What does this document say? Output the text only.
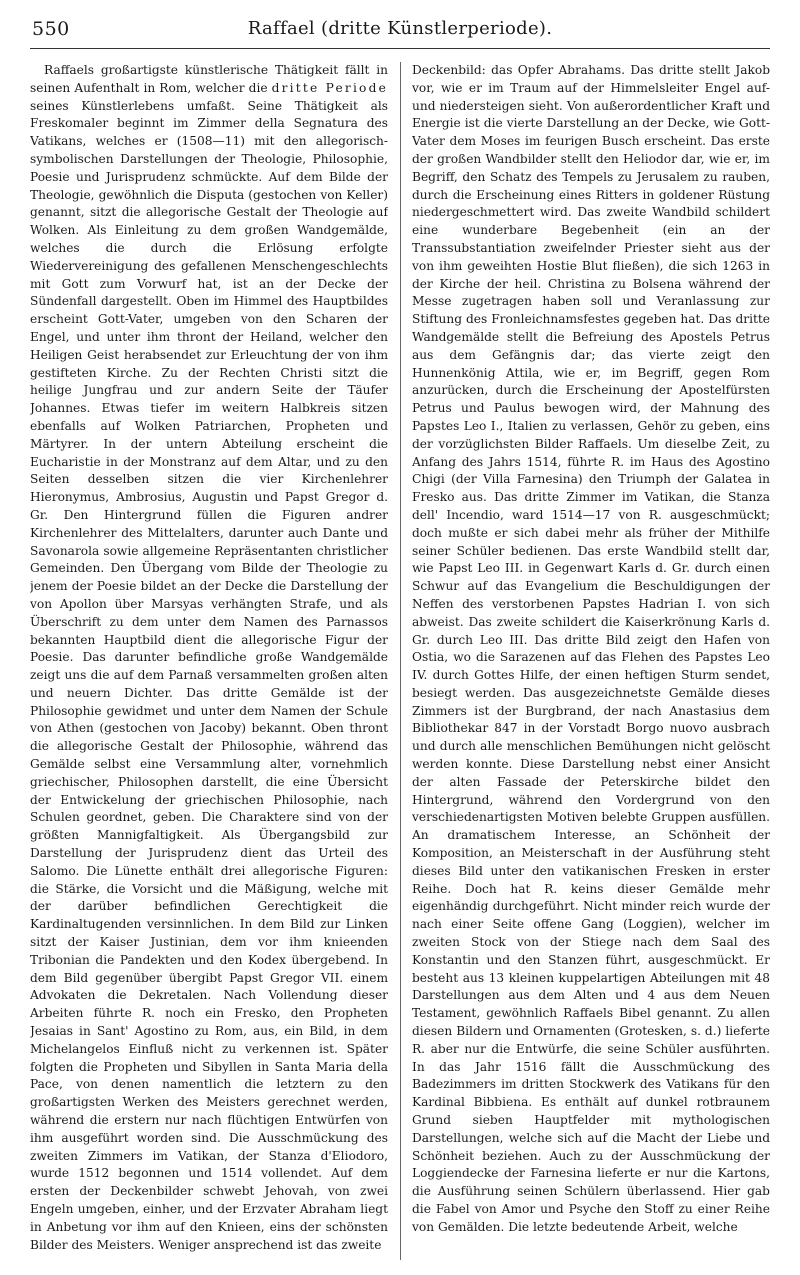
550	Raffael (dritte Künstlerperiode).

Raffaels großartigste künstlerische Thätigkeit fällt in seinen Aufenthalt in Rom, welcher die dritte Periode seines Künstlerlebens umfaßt. Seine Thätigkeit als Freskomaler beginnt im Zimmer della Segnatura des Vatikans, welches er (1508—11) mit den allegorisch-symbolischen Darstellungen der Theologie, Philosophie, Poesie und Jurisprudenz schmückte. Auf dem Bilde der Theologie, gewöhnlich die Disputa (gestochen von Keller) genannt, sitzt die allegorische Gestalt der Theologie auf Wolken. Als Einleitung zu dem großen Wandgemälde, welches die durch die Erlösung erfolgte Wiedervereinigung des gefallenen Menschengeschlechts mit Gott zum Vorwurf hat, ist an der Decke der Sündenfall dargestellt. Oben im Himmel des Hauptbildes erscheint Gott-Vater, umgeben von den Scharen der Engel, und unter ihm thront der Heiland, welcher den Heiligen Geist herabsendet zur Erleuchtung der von ihm gestifteten Kirche. Zu der Rechten Christi sitzt die heilige Jungfrau und zur andern Seite der Täufer Johannes. Etwas tiefer im weitern Halbkreis sitzen ebenfalls auf Wolken Patriarchen, Propheten und Märtyrer. In der untern Abteilung erscheint die Eucharistie in der Monstranz auf dem Altar, und zu den Seiten desselben sitzen die vier Kirchenlehrer Hieronymus, Ambrosius, Augustin und Papst Gregor d. Gr. Den Hintergrund füllen die Figuren andrer Kirchenlehrer des Mittelalters, darunter auch Dante und Savonarola sowie allgemeine Repräsentanten christlicher Gemeinden. Den Übergang vom Bilde der Theologie zu jenem der Poesie bildet an der Decke die Darstellung der von Apollon über Marsyas verhängten Strafe, und als Überschrift zu dem unter dem Namen des Parnassos bekannten Hauptbild dient die allegorische Figur der Poesie. Das darunter befindliche große Wandgemälde zeigt uns die auf dem Parnaß versammelten großen alten und neuern Dichter. Das dritte Gemälde ist der Philosophie gewidmet und unter dem Namen der Schule von Athen (gestochen von Jacoby) bekannt. Oben thront die allegorische Gestalt der Philosophie, während das Gemälde selbst eine Versammlung alter, vornehmlich griechischer, Philosophen darstellt, die eine Übersicht der Entwickelung der griechischen Philosophie, nach Schulen geordnet, geben. Die Charaktere sind von der größten Mannigfaltigkeit. Als Übergangsbild zur Darstellung der Jurisprudenz dient das Urteil des Salomo. Die Lünette enthält drei allegorische Figuren: die Stärke, die Vorsicht und die Mäßigung, welche mit der darüber befindlichen Gerechtigkeit die Kardinaltugenden versinnlichen. In dem Bild zur Linken sitzt der Kaiser Justinian, dem vor ihm knieenden Tribonian die Pandekten und den Kodex übergebend. In dem Bild gegenüber übergibt Papst Gregor VII. einem Advokaten die Dekretalen. Nach Vollendung dieser Arbeiten führte R. noch ein Fresko, den Propheten Jesaias in Sant' Agostino zu Rom, aus, ein Bild, in dem Michelangelos Einfluß nicht zu verkennen ist. Später folgten die Propheten und Sibyllen in Santa Maria della Pace, von denen namentlich die letztern zu den großartigsten Werken des Meisters gerechnet werden, während die erstern nur nach flüchtigen Entwürfen von ihm ausgeführt worden sind. Die Ausschmückung des zweiten Zimmers im Vatikan, der Stanza d'Eliodoro, wurde 1512 begonnen und 1514 vollendet. Auf dem ersten der Deckenbilder schwebt Jehovah, von zwei Engeln umgeben, einher, und der Erzvater Abraham liegt in Anbetung vor ihm auf den Knieen, eins der schönsten Bilder des Meisters. Weniger ansprechend ist das zweite

Deckenbild: das Opfer Abrahams. Das dritte stellt Jakob vor, wie er im Traum auf der Himmelsleiter Engel auf- und niedersteigen sieht. Von außerordentlicher Kraft und Energie ist die vierte Darstellung an der Decke, wie Gott-Vater dem Moses im feurigen Busch erscheint. Das erste der großen Wandbilder stellt den Heliodor dar, wie er, im Begriff, den Schatz des Tempels zu Jerusalem zu rauben, durch die Erscheinung eines Ritters in goldener Rüstung niedergeschmettert wird. Das zweite Wandbild schildert eine wunderbare Begebenheit (ein an der Transsubstantiation zweifelnder Priester sieht aus der von ihm geweihten Hostie Blut fließen), die sich 1263 in der Kirche der heil. Christina zu Bolsena während der Messe zugetragen haben soll und Veranlassung zur Stiftung des Fronleichnamsfestes gegeben hat. Das dritte Wandgemälde stellt die Befreiung des Apostels Petrus aus dem Gefängnis dar; das vierte zeigt den Hunnenkönig Attila, wie er, im Begriff, gegen Rom anzurücken, durch die Erscheinung der Apostelfürsten Petrus und Paulus bewogen wird, der Mahnung des Papstes Leo I., Italien zu verlassen, Gehör zu geben, eins der vorzüglichsten Bilder Raffaels. Um dieselbe Zeit, zu Anfang des Jahrs 1514, führte R. im Haus des Agostino Chigi (der Villa Farnesina) den Triumph der Galatea in Fresko aus. Das dritte Zimmer im Vatikan, die Stanza dell' Incendio, ward 1514—17 von R. ausgeschmückt; doch mußte er sich dabei mehr als früher der Mithilfe seiner Schüler bedienen. Das erste Wandbild stellt dar, wie Papst Leo III. in Gegenwart Karls d. Gr. durch einen Schwur auf das Evangelium die Beschuldigungen der Neffen des verstorbenen Papstes Hadrian I. von sich abweist. Das zweite schildert die Kaiserkrönung Karls d. Gr. durch Leo III. Das dritte Bild zeigt den Hafen von Ostia, wo die Sarazenen auf das Flehen des Papstes Leo IV. durch Gottes Hilfe, der einen heftigen Sturm sendet, besiegt werden. Das ausgezeichnetste Gemälde dieses Zimmers ist der Burgbrand, der nach Anastasius dem Bibliothekar 847 in der Vorstadt Borgo nuovo ausbrach und durch alle menschlichen Bemühungen nicht gelöscht werden konnte. Diese Darstellung nebst einer Ansicht der alten Fassade der Peterskirche bildet den Hintergrund, während den Vordergrund von den verschiedenartigsten Motiven belebte Gruppen ausfüllen. An dramatischem Interesse, an Schönheit der Komposition, an Meisterschaft in der Ausführung steht dieses Bild unter den vatikanischen Fresken in erster Reihe. Doch hat R. keins dieser Gemälde mehr eigenhändig durchgeführt. Nicht minder reich wurde der nach einer Seite offene Gang (Loggien), welcher im zweiten Stock von der Stiege nach dem Saal des Konstantin und den Stanzen führt, ausgeschmückt. Er besteht aus 13 kleinen kuppelartigen Abteilungen mit 48 Darstellungen aus dem Alten und 4 aus dem Neuen Testament, gewöhnlich Raffaels Bibel genannt. Zu allen diesen Bildern und Ornamenten (Grotesken, s. d.) lieferte R. aber nur die Entwürfe, die seine Schüler ausführten. In das Jahr 1516 fällt die Ausschmückung des Badezimmers im dritten Stockwerk des Vatikans für den Kardinal Bibbiena. Es enthält auf dunkel rotbraunem Grund sieben Hauptfelder mit mythologischen Darstellungen, welche sich auf die Macht der Liebe und Schönheit beziehen. Auch zu der Ausschmückung der Loggiendecke der Farnesina lieferte er nur die Kartons, die Ausführung seinen Schülern überlassend. Hier gab die Fabel von Amor und Psyche den Stoff zu einer Reihe von Gemälden. Die letzte bedeutende Arbeit, welche
